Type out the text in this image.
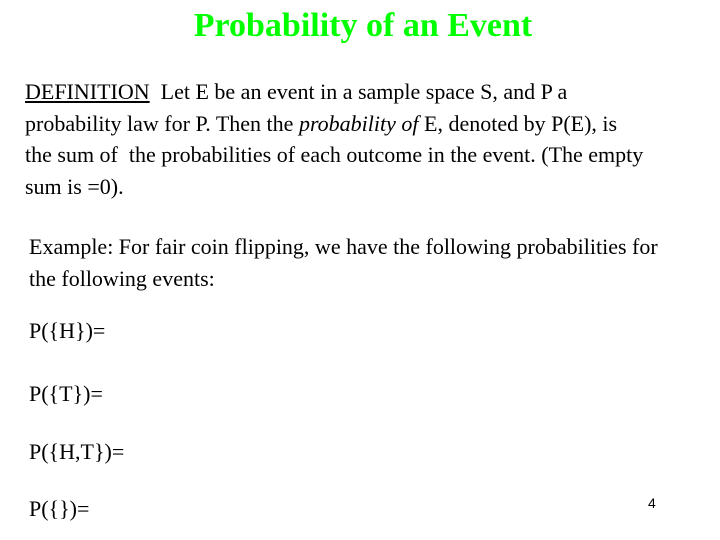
Probability of an Event
DEFINITION  Let E be an event in a sample space S, and P a
probability law for P. Then the probability of E, denoted by P(E), is
the sum of  the probabilities of each outcome in the event. (The empty
sum is =0).
Example: For fair coin flipping, we have the following probabilities for
the following events:
P({H})=
P({T})=
P({H,T})=
P({})=	4
